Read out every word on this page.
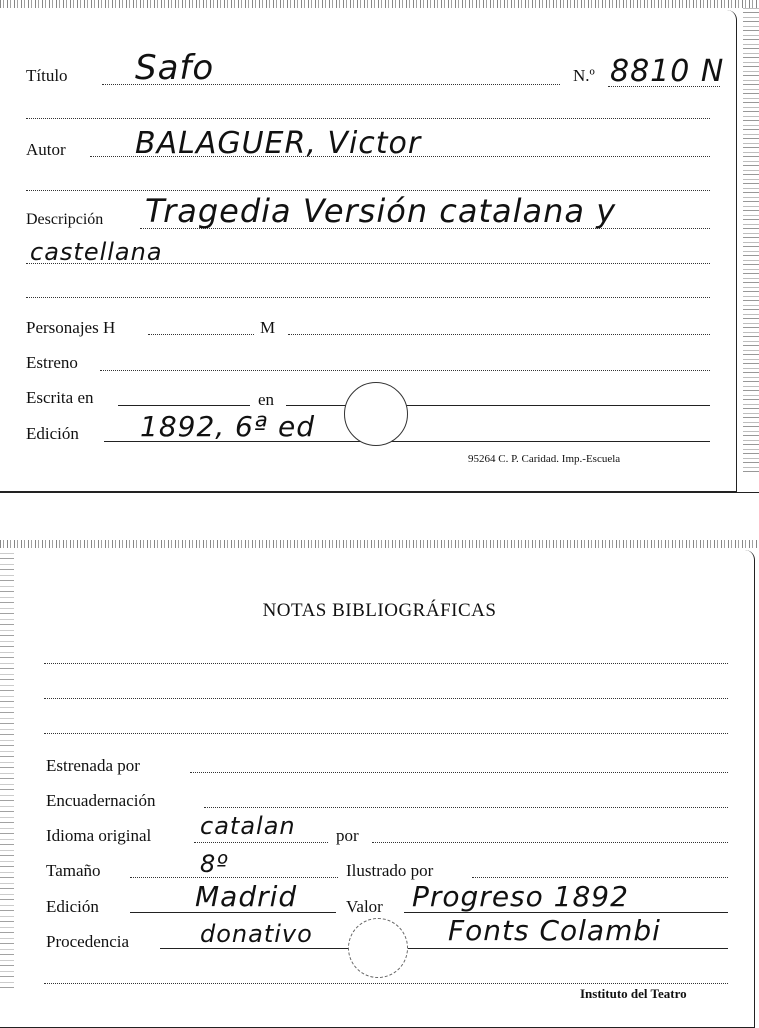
Título Safo	N.º 8810 N
Autor BALAGUER, Victor
Descripción Tragedia Versión catalana y
castellana
Personajes H	M
Estreno
Escrita en	en
Edición 1892, 6ª ed
95264 C. P. Caridad. Imp.-Escuela
NOTAS BIBLIOGRÁFICAS
Estrenada por
Encuadernación
Idioma original catalan por
Tamaño	8º	Ilustrado por
Edición	Madrid	Valor Progreso 1892
Procedencia	donativo	Fonts Colambi
Instituto del Teatro
